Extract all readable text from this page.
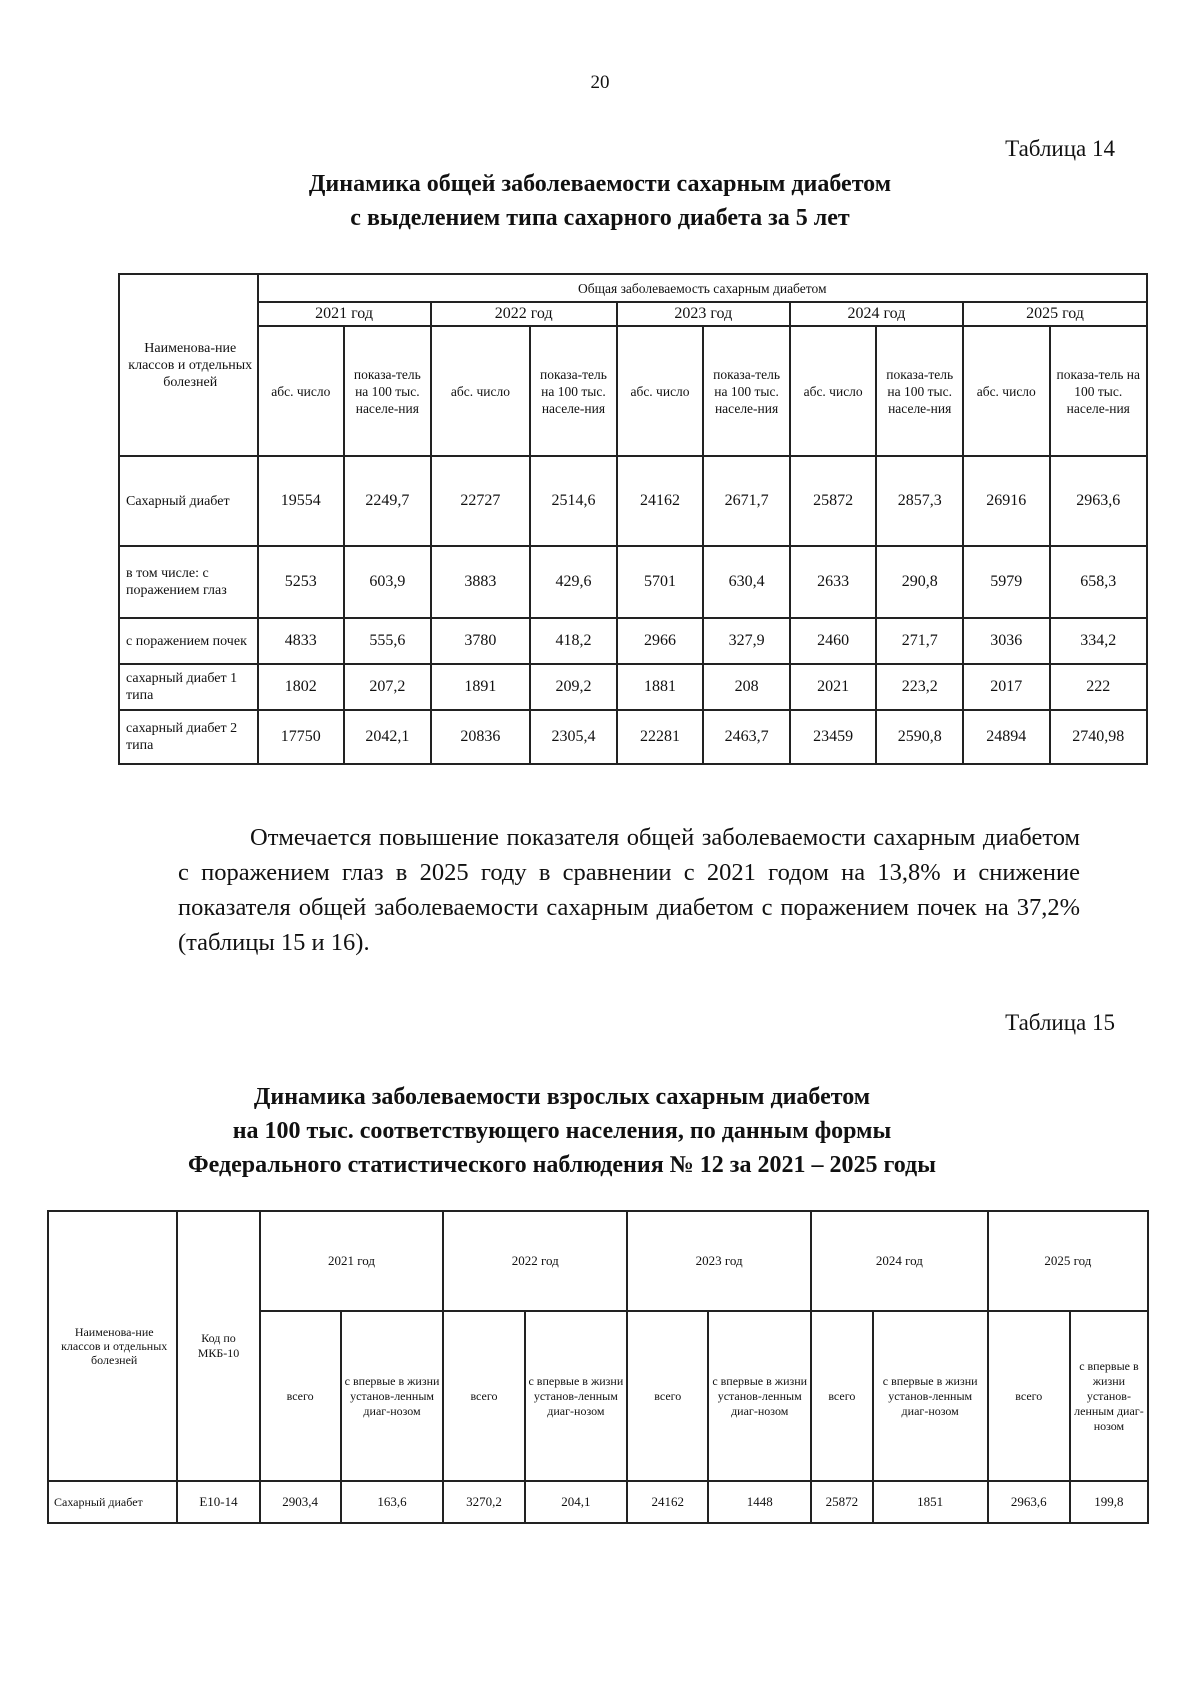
20
Таблица 14
Динамика общей заболеваемости сахарным диабетом
с выделением типа сахарного диабета за 5 лет
Наименова-ние классов и отдельных болезней	Общая заболеваемость сахарным диабетом									
	2021 год		2022 год		2023 год		2024 год		2025 год	
	абс. число	показа-тель на 100 тыс. населе-ния	абс. число	показа-тель на 100 тыс. населе-ния	абс. число	показа-тель на 100 тыс. населе-ния	абс. число	показа-тель на 100 тыс. населе-ния	абс. число	показа-тель на 100 тыс. населе-ния
Сахарный диабет	19554	2249,7	22727	2514,6	24162	2671,7	25872	2857,3	26916	2963,6
в том числе: с поражением глаз	5253	603,9	3883	429,6	5701	630,4	2633	290,8	5979	658,3
с поражением почек	4833	555,6	3780	418,2	2966	327,9	2460	271,7	3036	334,2
сахарный диабет 1 типа	1802	207,2	1891	209,2	1881	208	2021	223,2	2017	222
сахарный диабет 2 типа	17750	2042,1	20836	2305,4	22281	2463,7	23459	2590,8	24894	2740,98
Отмечается повышение показателя общей заболеваемости сахарным диабетом с поражением глаз в 2025 году в сравнении с 2021 годом на 13,8% и снижение показателя общей заболеваемости сахарным диабетом с поражением почек на 37,2% (таблицы 15 и 16).
Таблица 15
Динамика заболеваемости взрослых сахарным диабетом
на 100 тыс. соответствующего населения, по данным формы
Федерального статистического наблюдения № 12 за 2021 – 2025 годы
Наименова-ние классов и отдельных болезней	Код по МКБ-10	2021 год		2022 год		2023 год		2024 год		2025 год	
		всего	с впервые в жизни установ-ленным диаг-нозом	всего	с впервые в жизни установ-ленным диаг-нозом	всего	с впервые в жизни установ-ленным диаг-нозом	всего	с впервые в жизни установ-ленным диаг-нозом	всего	с впервые в жизни установ-ленным диаг-нозом
Сахарный диабет	Е10-14	2903,4	163,6	3270,2	204,1	24162	1448	25872	1851	2963,6	199,8
